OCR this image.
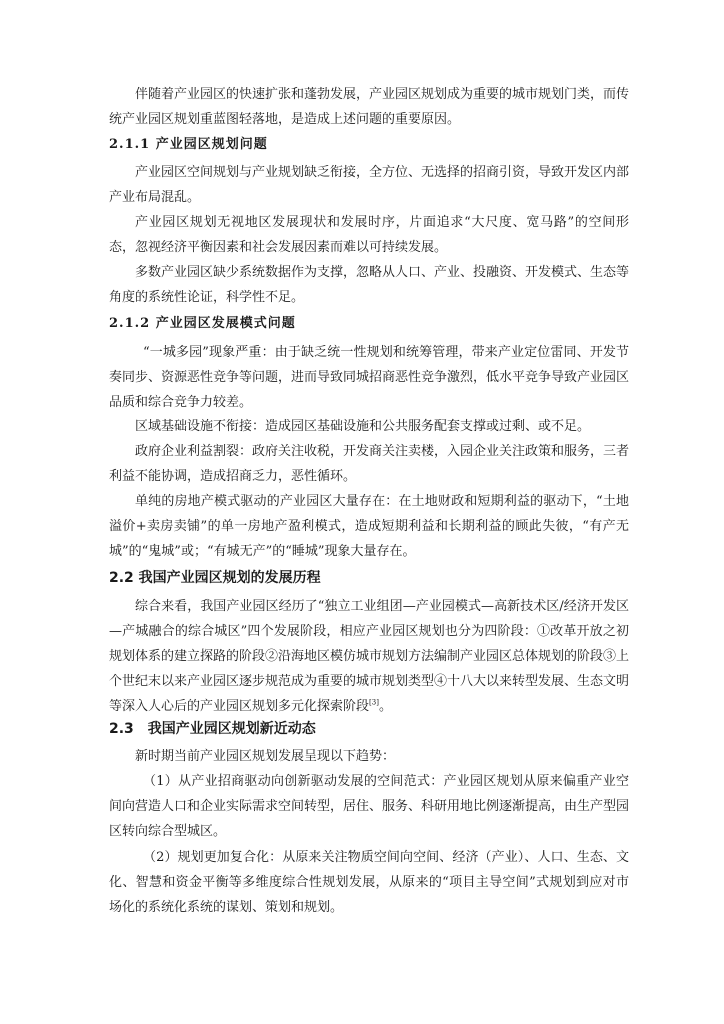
伴随着产业园区的快速扩张和蓬勃发展，产业园区规划成为重要的城市规划门类，而传统产业园区规划重蓝图轻落地，是造成上述问题的重要原因。

2.1.1 产业园区规划问题

产业园区空间规划与产业规划缺乏衔接，全方位、无选择的招商引资，导致开发区内部产业布局混乱。

产业园区规划无视地区发展现状和发展时序，片面追求“大尺度、宽马路”的空间形态，忽视经济平衡因素和社会发展因素而难以可持续发展。

多数产业园区缺少系统数据作为支撑，忽略从人口、产业、投融资、开发模式、生态等角度的系统性论证，科学性不足。

2.1.2 产业园区发展模式问题

“一城多园”现象严重：由于缺乏统一性规划和统筹管理，带来产业定位雷同、开发节奏同步、资源恶性竞争等问题，进而导致同城招商恶性竞争激烈，低水平竞争导致产业园区品质和综合竞争力较差。

区域基础设施不衔接：造成园区基础设施和公共服务配套支撑或过剩、或不足。

政府企业利益割裂：政府关注收税，开发商关注卖楼，入园企业关注政策和服务，三者利益不能协调，造成招商乏力，恶性循环。

单纯的房地产模式驱动的产业园区大量存在：在土地财政和短期利益的驱动下，“土地溢价+卖房卖铺”的单一房地产盈利模式，造成短期利益和长期利益的顾此失彼，“有产无城”的“鬼城”或；“有城无产”的“睡城”现象大量存在。

2.2 我国产业园区规划的发展历程

综合来看，我国产业园区经历了“独立工业组团—产业园模式—高新技术区/经济开发区—产城融合的综合城区”四个发展阶段，相应产业园区规划也分为四阶段：①改革开放之初规划体系的建立探路的阶段②沿海地区模仿城市规划方法编制产业园区总体规划的阶段③上个世纪末以来产业园区逐步规范成为重要的城市规划类型④十八大以来转型发展、生态文明等深入人心后的产业园区规划多元化探索阶段[3]。

2.3　我国产业园区规划新近动态

新时期当前产业园区规划发展呈现以下趋势：

（1）从产业招商驱动向创新驱动发展的空间范式：产业园区规划从原来偏重产业空间向营造人口和企业实际需求空间转型，居住、服务、科研用地比例逐渐提高，由生产型园区转向综合型城区。

（2）规划更加复合化：从原来关注物质空间向空间、经济（产业）、人口、生态、文化、智慧和资金平衡等多维度综合性规划发展，从原来的“项目主导空间”式规划到应对市场化的系统化系统的谋划、策划和规划。
